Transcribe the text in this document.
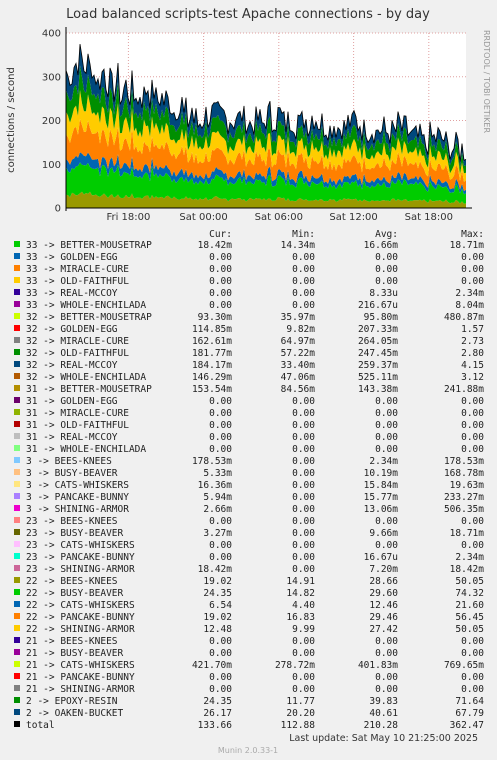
Load balanced scripts-test Apache connections - by day
connections / second	RRDTOOL / TOBI OETIKER
0
100
200
300
400
Fri 18:00	Sat 00:00	Sat 06:00	Sat 12:00	Sat 18:00
Cur:	Min:	Avg:	Max:
33 -> BETTER-MOUSETRAP	18.42m	14.34m	16.66m	18.71m
33 -> GOLDEN-EGG	0.00	0.00	0.00	0.00
33 -> MIRACLE-CURE	0.00	0.00	0.00	0.00
33 -> OLD-FAITHFUL	0.00	0.00	0.00	0.00
33 -> REAL-MCCOY	0.00	0.00	8.33u	2.34m
33 -> WHOLE-ENCHILADA	0.00	0.00	216.67u	8.04m
32 -> BETTER-MOUSETRAP	93.30m	35.97m	95.80m	480.87m
32 -> GOLDEN-EGG	114.85m	9.82m	207.33m	1.57
32 -> MIRACLE-CURE	162.61m	64.97m	264.05m	2.73
32 -> OLD-FAITHFUL	181.77m	57.22m	247.45m	2.80
32 -> REAL-MCCOY	184.17m	33.40m	259.37m	4.15
32 -> WHOLE-ENCHILADA	146.29m	47.06m	525.11m	3.12
31 -> BETTER-MOUSETRAP	153.54m	84.56m	143.38m	241.88m
31 -> GOLDEN-EGG	0.00	0.00	0.00	0.00
31 -> MIRACLE-CURE	0.00	0.00	0.00	0.00
31 -> OLD-FAITHFUL	0.00	0.00	0.00	0.00
31 -> REAL-MCCOY	0.00	0.00	0.00	0.00
31 -> WHOLE-ENCHILADA	0.00	0.00	0.00	0.00
3 -> BEES-KNEES	178.53m	0.00	2.34m	178.53m
3 -> BUSY-BEAVER	5.33m	0.00	10.19m	168.78m
3 -> CATS-WHISKERS	16.36m	0.00	15.84m	19.63m
3 -> PANCAKE-BUNNY	5.94m	0.00	15.77m	233.27m
3 -> SHINING-ARMOR	2.66m	0.00	13.06m	506.35m
23 -> BEES-KNEES	0.00	0.00	0.00	0.00
23 -> BUSY-BEAVER	3.27m	0.00	9.66m	18.71m
23 -> CATS-WHISKERS	0.00	0.00	0.00	0.00
23 -> PANCAKE-BUNNY	0.00	0.00	16.67u	2.34m
23 -> SHINING-ARMOR	18.42m	0.00	7.20m	18.42m
22 -> BEES-KNEES	19.02	14.91	28.66	50.05
22 -> BUSY-BEAVER	24.35	14.82	29.60	74.32
22 -> CATS-WHISKERS	6.54	4.40	12.46	21.60
22 -> PANCAKE-BUNNY	19.02	16.83	29.46	56.45
22 -> SHINING-ARMOR	12.48	9.99	27.42	50.05
21 -> BEES-KNEES	0.00	0.00	0.00	0.00
21 -> BUSY-BEAVER	0.00	0.00	0.00	0.00
21 -> CATS-WHISKERS	421.70m	278.72m	401.83m	769.65m
21 -> PANCAKE-BUNNY	0.00	0.00	0.00	0.00
21 -> SHINING-ARMOR	0.00	0.00	0.00	0.00
2 -> EPOXY-RESIN	24.35	11.77	39.83	71.64
2 -> OAKEN-BUCKET	26.17	20.20	40.61	67.79
total	133.66	112.88	210.28	362.47
Last update: Sat May 10 21:25:00 2025
Munin 2.0.33-1
